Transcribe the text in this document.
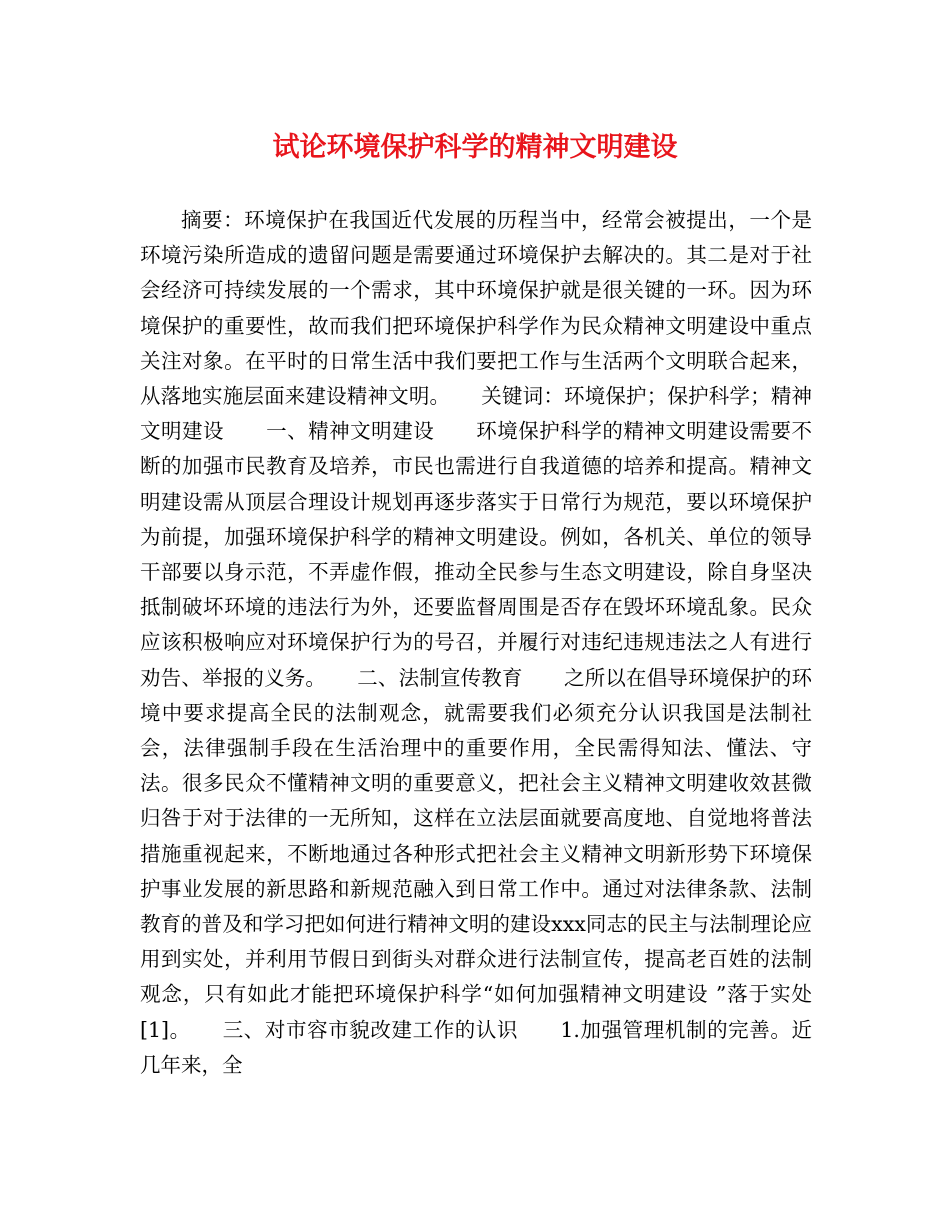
试论环境保护科学的精神文明建设

摘要：环境保护在我国近代发展的历程当中，经常会被提出，一个是环境污染所造成的遗留问题是需要通过环境保护去解决的。其二是对于社会经济可持续发展的一个需求，其中环境保护就是很关键的一环。因为环境保护的重要性，故而我们把环境保护科学作为民众精神文明建设中重点关注对象。在平时的日常生活中我们要把工作与生活两个文明联合起来，从落地实施层面来建设精神文明。　　关键词：环境保护；保护科学；精神文明建设　　一、精神文明建设　　环境保护科学的精神文明建设需要不断的加强市民教育及培养，市民也需进行自我道德的培养和提高。精神文明建设需从顶层合理设计规划再逐步落实于日常行为规范，要以环境保护为前提，加强环境保护科学的精神文明建设。例如，各机关、单位的领导干部要以身示范，不弄虚作假，推动全民参与生态文明建设，除自身坚决抵制破坏环境的违法行为外，还要监督周围是否存在毁坏环境乱象。民众应该积极响应对环境保护行为的号召，并履行对违纪违规违法之人有进行劝告、举报的义务。　　二、法制宣传教育　　之所以在倡导环境保护的环境中要求提高全民的法制观念，就需要我们必须充分认识我国是法制社会，法律强制手段在生活治理中的重要作用，全民需得知法、懂法、守法。很多民众不懂精神文明的重要意义，把社会主义精神文明建收效甚微归咎于对于法律的一无所知，这样在立法层面就要高度地、自觉地将普法措施重视起来，不断地通过各种形式把社会主义精神文明新形势下环境保护事业发展的新思路和新规范融入到日常工作中。通过对法律条款、法制教育的普及和学习把如何进行精神文明的建设xxx同志的民主与法制理论应用到实处，并利用节假日到街头对群众进行法制宣传，提高老百姓的法制观念，只有如此才能把环境保护科学“如何加强精神文明建设 ”落于实处[1]。　　三、对市容市貌改建工作的认识　　1.加强管理机制的完善。近几年来，全
